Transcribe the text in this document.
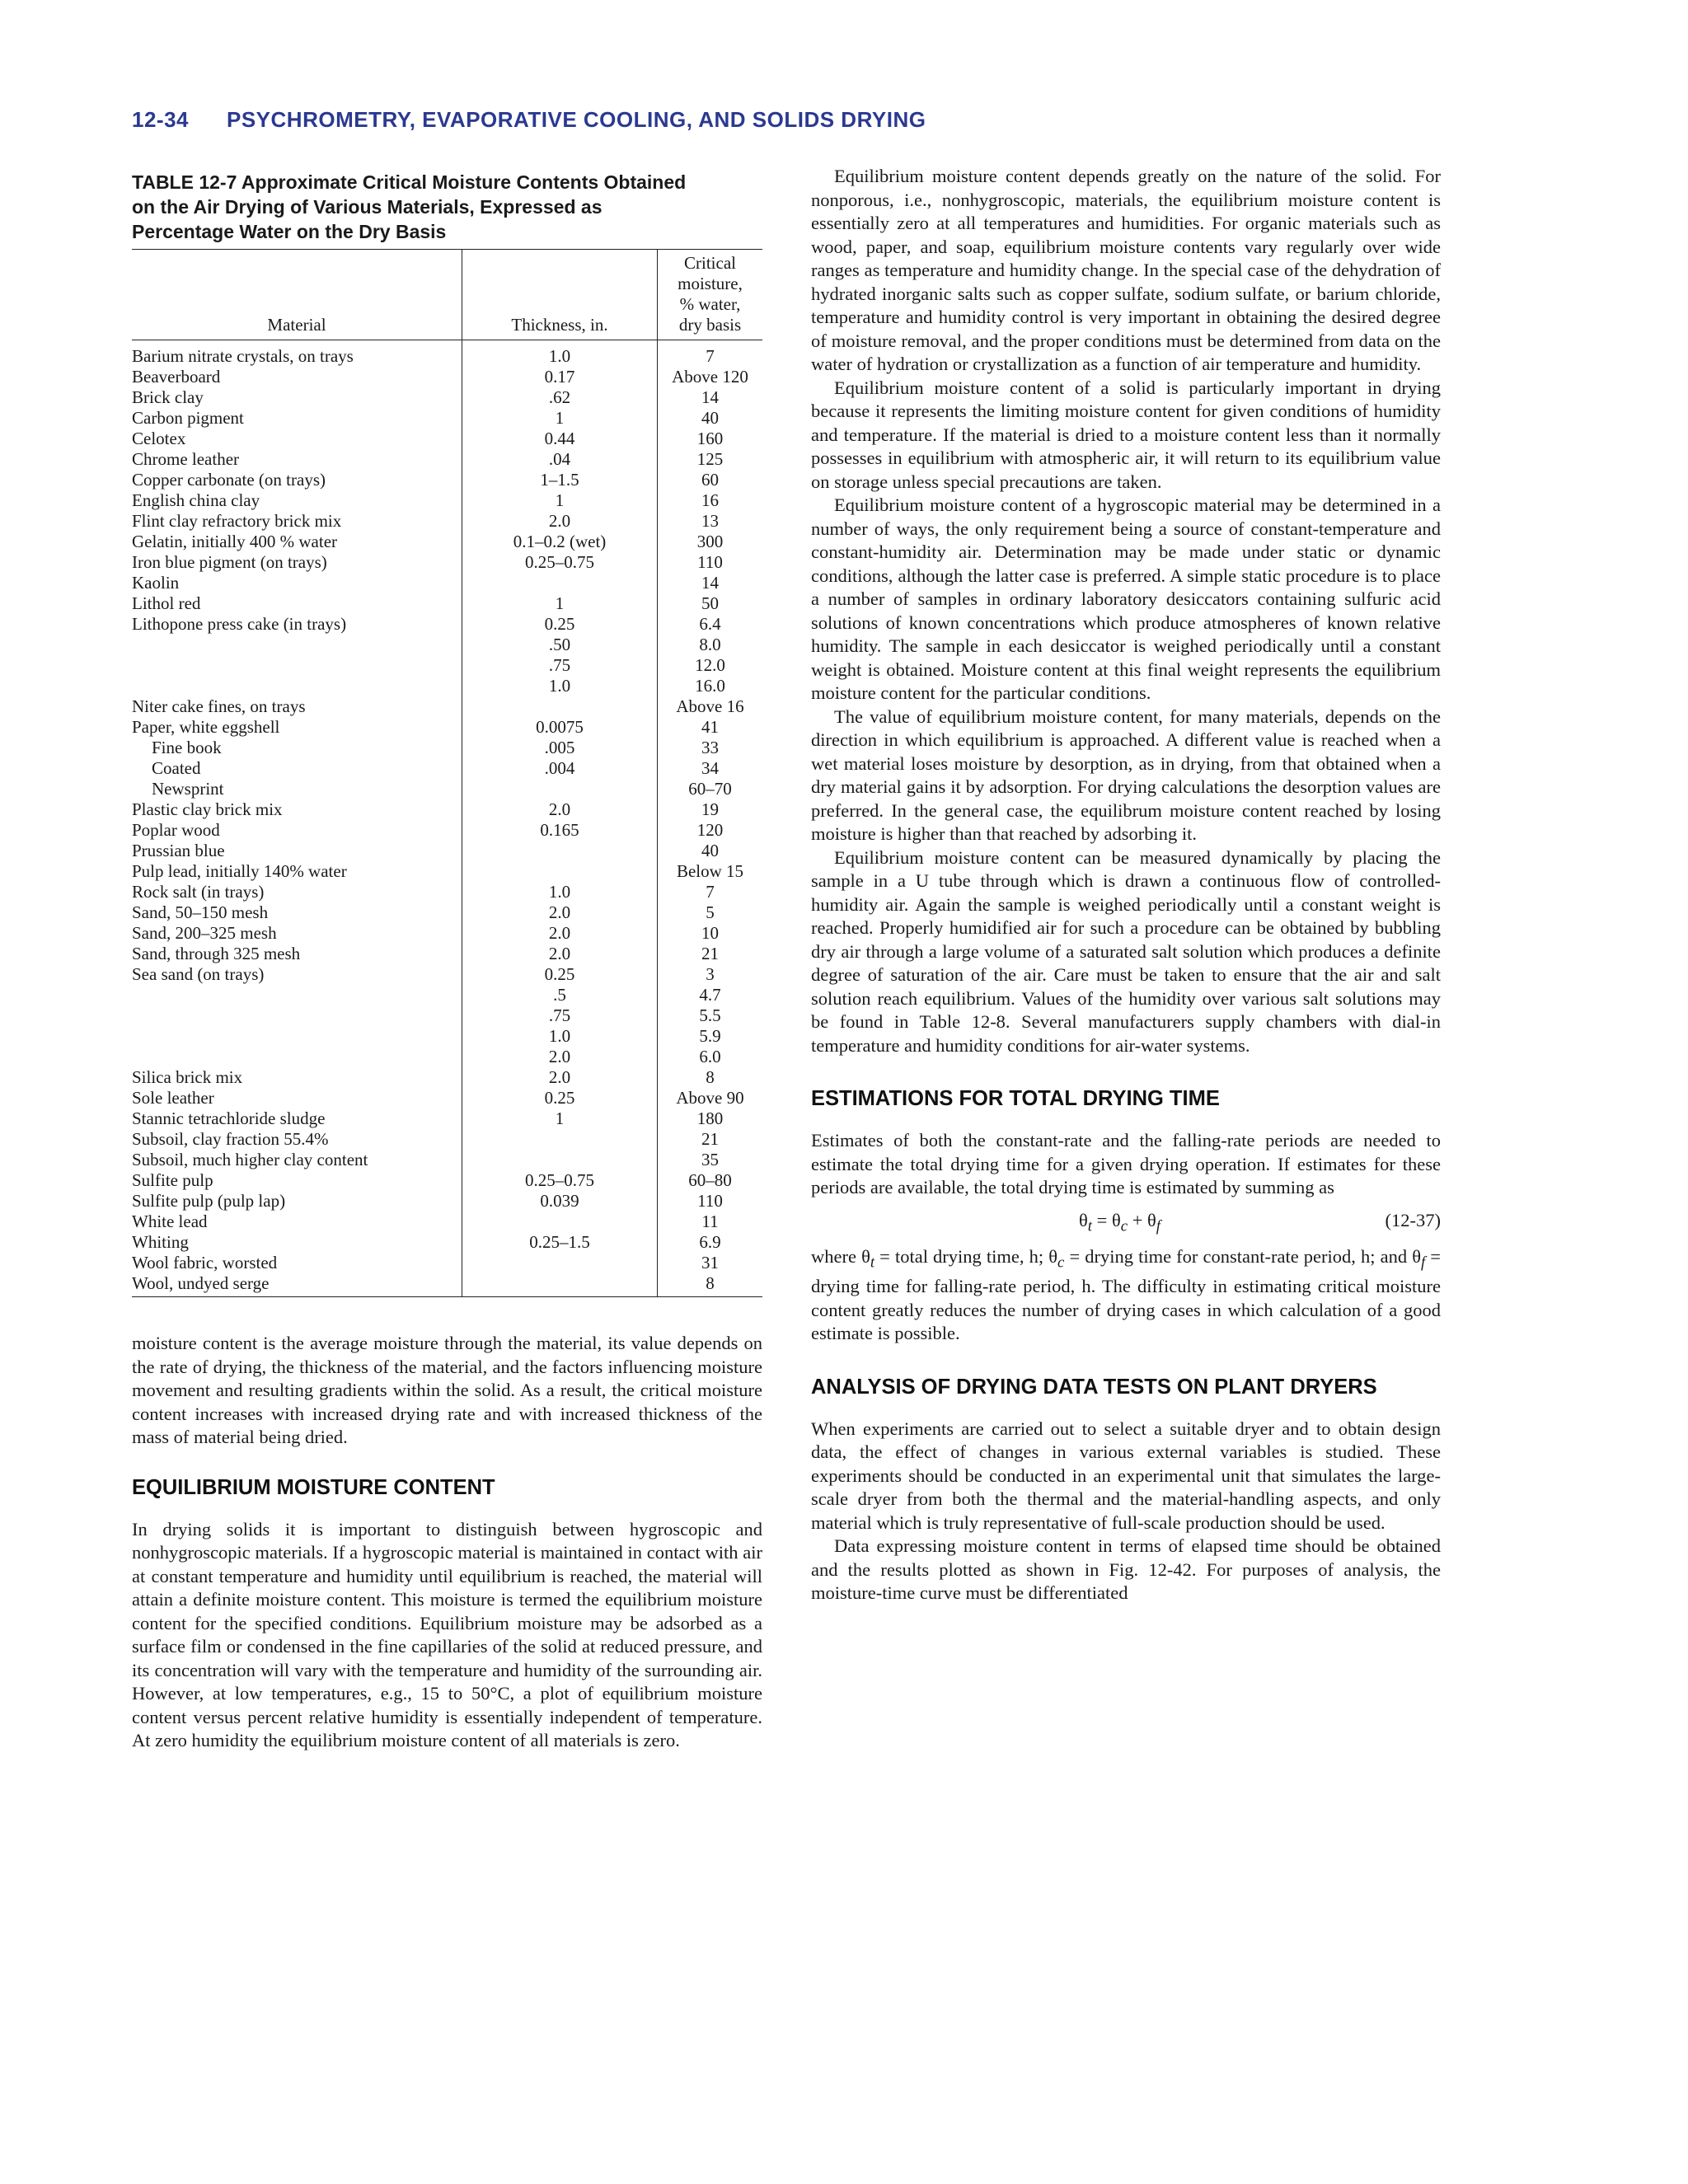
12-34 PSYCHROMETRY, EVAPORATIVE COOLING, AND SOLIDS DRYING
TABLE 12-7 Approximate Critical Moisture Contents Obtained
on the Air Drying of Various Materials, Expressed as
Percentage Water on the Dry Basis
Material	Thickness, in.	Critical
moisture,
% water,
dry basis

Barium nitrate crystals, on trays	1.0	7
Beaverboard	0.17	Above 120
Brick clay	.62	14
Carbon pigment	1	40
Celotex	0.44	160
Chrome leather	.04	125
Copper carbonate (on trays)	1–1.5	60
English china clay	1	16
Flint clay refractory brick mix	2.0	13
Gelatin, initially 400 % water	0.1–0.2 (wet)	300
Iron blue pigment (on trays)	0.25–0.75	110
Kaolin		14
Lithol red	1	50
Lithopone press cake (in trays)	0.25	6.4
	.50	8.0
	.75	12.0
	1.0	16.0
Niter cake fines, on trays		Above 16
Paper, white eggshell	0.0075	41
Fine book	.005	33
Coated	.004	34
Newsprint		60–70
Plastic clay brick mix	2.0	19
Poplar wood	0.165	120
Prussian blue		40
Pulp lead, initially 140% water		Below 15
Rock salt (in trays)	1.0	7
Sand, 50–150 mesh	2.0	5
Sand, 200–325 mesh	2.0	10
Sand, through 325 mesh	2.0	21
Sea sand (on trays)	0.25	3
	.5	4.7
	.75	5.5
	1.0	5.9
	2.0	6.0
Silica brick mix	2.0	8
Sole leather	0.25	Above 90
Stannic tetrachloride sludge	1	180
Subsoil, clay fraction 55.4%		21
Subsoil, much higher clay content		35
Sulfite pulp	0.25–0.75	60–80
Sulfite pulp (pulp lap)	0.039	110
White lead		11
Whiting	0.25–1.5	6.9
Wool fabric, worsted		31
Wool, undyed serge		8

moisture content is the average moisture through the material, its value depends on the rate of drying, the thickness of the material, and the factors influencing moisture movement and resulting gradients within the solid. As a result, the critical moisture content increases with increased drying rate and with increased thickness of the mass of material being dried.

EQUILIBRIUM MOISTURE CONTENT

In drying solids it is important to distinguish between hygroscopic and nonhygroscopic materials. If a hygroscopic material is maintained in contact with air at constant temperature and humidity until equilibrium is reached, the material will attain a definite moisture content. This moisture is termed the equilibrium moisture content for the specified conditions. Equilibrium moisture may be adsorbed as a surface film or condensed in the fine capillaries of the solid at reduced pressure, and its concentration will vary with the temperature and humidity of the surrounding air. However, at low temperatures, e.g., 15 to 50°C, a plot of equilibrium moisture content versus percent relative humidity is essentially independent of temperature. At zero humidity the equilibrium moisture content of all materials is zero.

Equilibrium moisture content depends greatly on the nature of the solid. For nonporous, i.e., nonhygroscopic, materials, the equilibrium moisture content is essentially zero at all temperatures and humidities. For organic materials such as wood, paper, and soap, equilibrium moisture contents vary regularly over wide ranges as temperature and humidity change. In the special case of the dehydration of hydrated inorganic salts such as copper sulfate, sodium sulfate, or barium chloride, temperature and humidity control is very important in obtaining the desired degree of moisture removal, and the proper conditions must be determined from data on the water of hydration or crystallization as a function of air temperature and humidity.

Equilibrium moisture content of a solid is particularly important in drying because it represents the limiting moisture content for given conditions of humidity and temperature. If the material is dried to a moisture content less than it normally possesses in equilibrium with atmospheric air, it will return to its equilibrium value on storage unless special precautions are taken.

Equilibrium moisture content of a hygroscopic material may be determined in a number of ways, the only requirement being a source of constant-temperature and constant-humidity air. Determination may be made under static or dynamic conditions, although the latter case is preferred. A simple static procedure is to place a number of samples in ordinary laboratory desiccators containing sulfuric acid solutions of known concentrations which produce atmospheres of known relative humidity. The sample in each desiccator is weighed periodically until a constant weight is obtained. Moisture content at this final weight represents the equilibrium moisture content for the particular conditions.

The value of equilibrium moisture content, for many materials, depends on the direction in which equilibrium is approached. A different value is reached when a wet material loses moisture by desorption, as in drying, from that obtained when a dry material gains it by adsorption. For drying calculations the desorption values are preferred. In the general case, the equilibrum moisture content reached by losing moisture is higher than that reached by adsorbing it.

Equilibrium moisture content can be measured dynamically by placing the sample in a U tube through which is drawn a continuous flow of controlled-humidity air. Again the sample is weighed periodically until a constant weight is reached. Properly humidified air for such a procedure can be obtained by bubbling dry air through a large volume of a saturated salt solution which produces a definite degree of saturation of the air. Care must be taken to ensure that the air and salt solution reach equilibrium. Values of the humidity over various salt solutions may be found in Table 12-8. Several manufacturers supply chambers with dial-in temperature and humidity conditions for air-water systems.

ESTIMATIONS FOR TOTAL DRYING TIME

Estimates of both the constant-rate and the falling-rate periods are needed to estimate the total drying time for a given drying operation. If estimates for these periods are available, the total drying time is estimated by summing as

$\theta_t = \theta_c + \theta_f$	(12-37)

where $\theta_t$ = total drying time, h; $\theta_c$ = drying time for constant-rate period, h; and $\theta_f$ = drying time for falling-rate period, h. The difficulty in estimating critical moisture content greatly reduces the number of drying cases in which calculation of a good estimate is possible.

ANALYSIS OF DRYING DATA TESTS ON PLANT DRYERS

When experiments are carried out to select a suitable dryer and to obtain design data, the effect of changes in various external variables is studied. These experiments should be conducted in an experimental unit that simulates the large-scale dryer from both the thermal and the material-handling aspects, and only material which is truly representative of full-scale production should be used.

Data expressing moisture content in terms of elapsed time should be obtained and the results plotted as shown in Fig. 12-42. For purposes of analysis, the moisture-time curve must be differentiated
